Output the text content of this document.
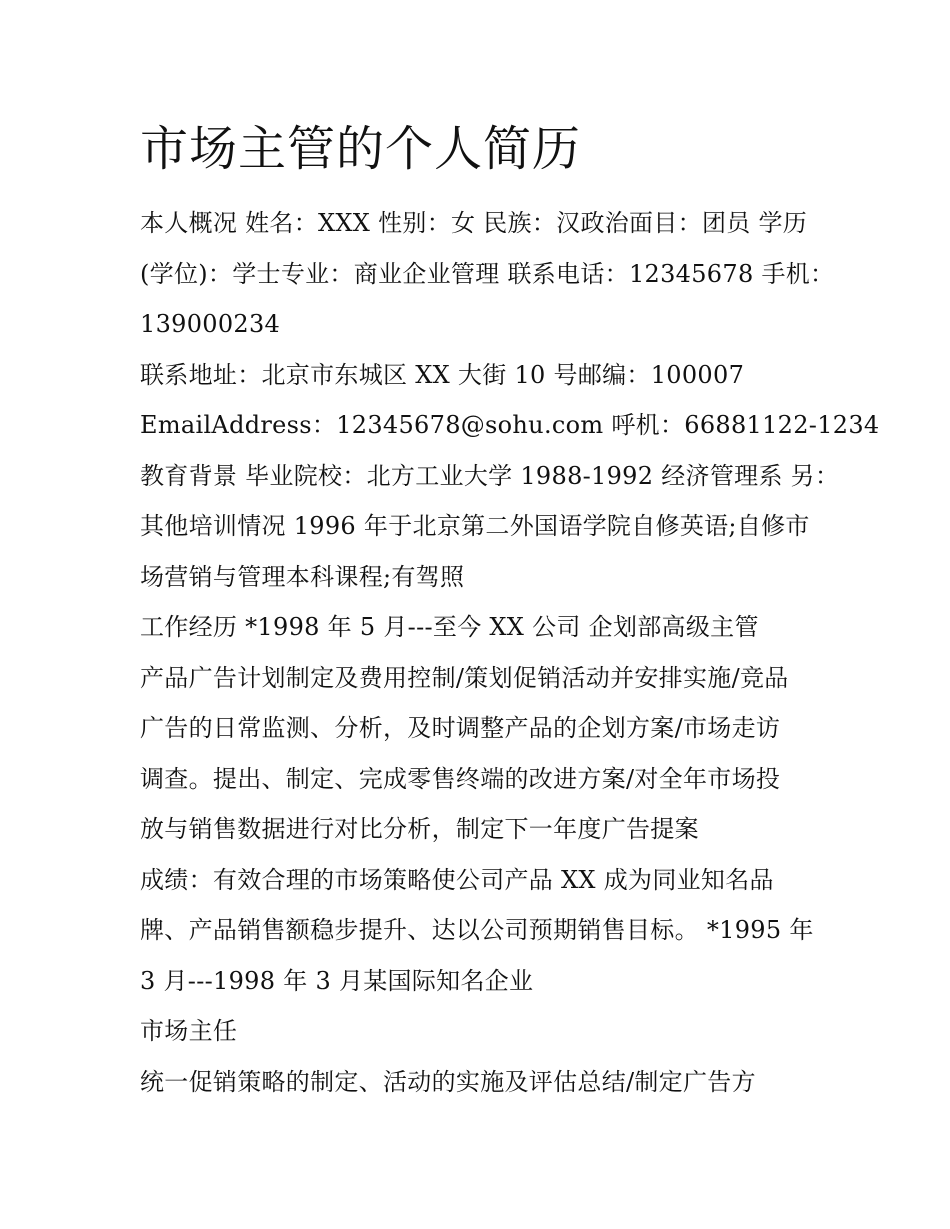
市场主管的个人简历
本人概况 姓名：XXX 性别：女 民族：汉政治面目：团员 学历
(学位)：学士专业：商业企业管理 联系电话：12345678 手机：
139000234
联系地址：北京市东城区 XX 大街 10 号邮编：100007
EmailAddress：12345678@sohu.com 呼机：66881122-1234
教育背景 毕业院校：北方工业大学 1988-1992 经济管理系 另：
其他培训情况 1996 年于北京第二外国语学院自修英语;自修市
场营销与管理本科课程;有驾照
工作经历 *1998 年 5 月---至今 XX 公司 企划部高级主管
产品广告计划制定及费用控制/策划促销活动并安排实施/竞品
广告的日常监测、分析，及时调整产品的企划方案/市场走访
调查。提出、制定、完成零售终端的改进方案/对全年市场投
放与销售数据进行对比分析，制定下一年度广告提案
成绩：有效合理的市场策略使公司产品 XX 成为同业知名品
牌、产品销售额稳步提升、达以公司预期销售目标。 *1995 年
3 月---1998 年 3 月某国际知名企业
市场主任
统一促销策略的制定、活动的实施及评估总结/制定广告方
